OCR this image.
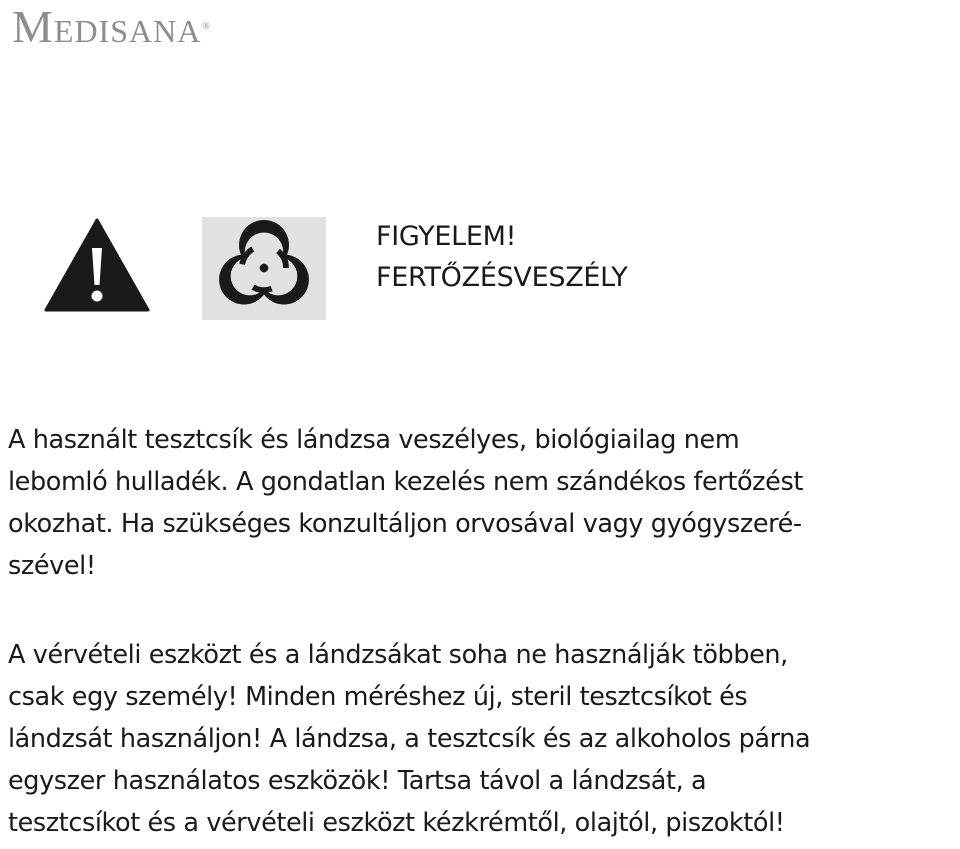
Medisana®
FIGYELEM!
FERTŐZÉSVESZÉLY
A használt tesztcsík és lándzsa veszélyes, biológiailag nem
lebomló hulladék. A gondatlan kezelés nem szándékos fertőzést
okozhat. Ha szükséges konzultáljon orvosával vagy gyógyszeré-
szével!
A vérvételi eszközt és a lándzsákat soha ne használják többen,
csak egy személy! Minden méréshez új, steril tesztcsíkot és
lándzsát használjon! A lándzsa, a tesztcsík és az alkoholos párna
egyszer használatos eszközök! Tartsa távol a lándzsát, a
tesztcsíkot és a vérvételi eszközt kézkrémtől, olajtól, piszoktól!
